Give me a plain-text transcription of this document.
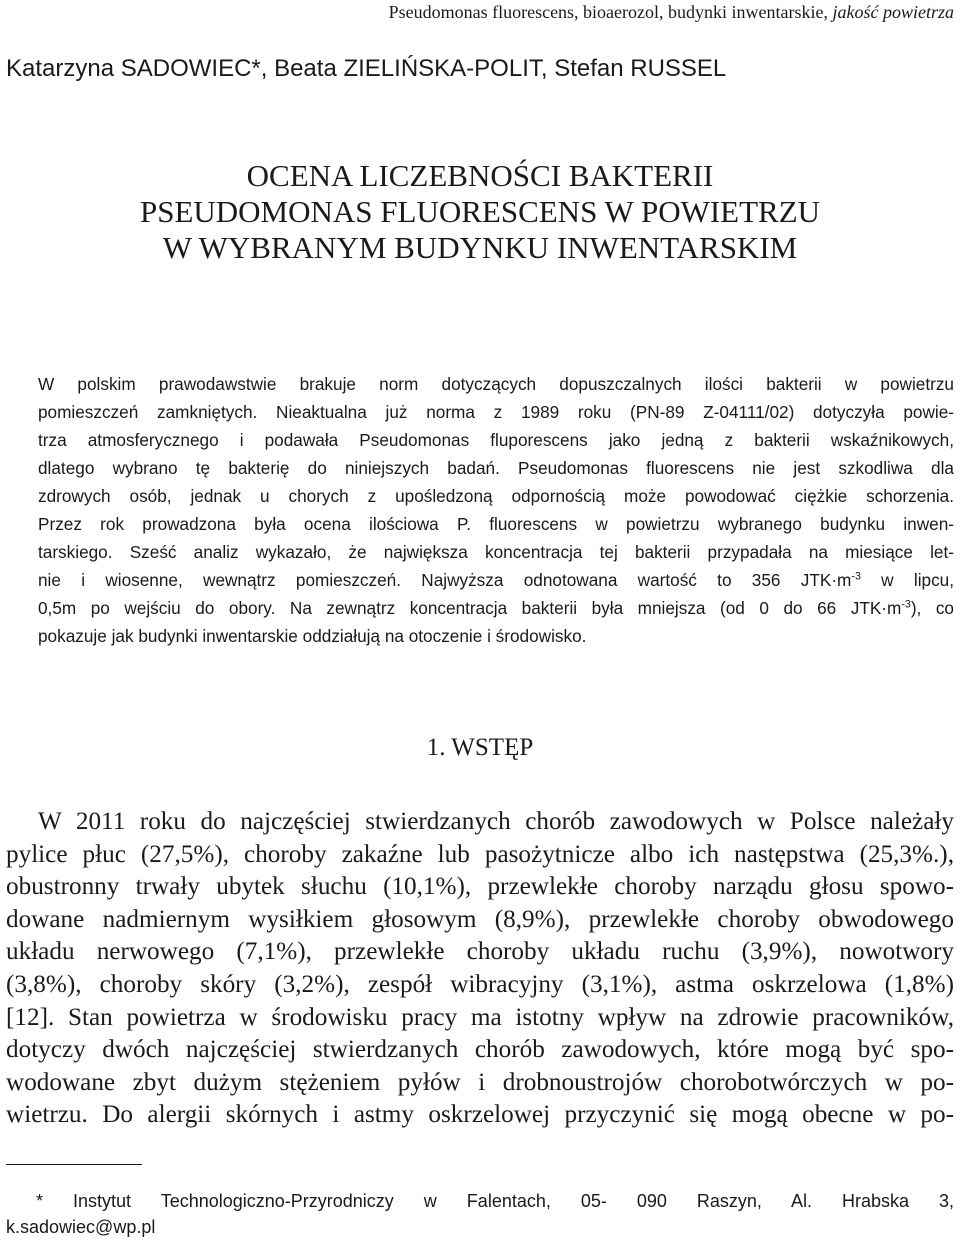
Pseudomonas fluorescens, bioaerozol, budynki inwentarskie, jakość powietrza
Katarzyna SADOWIEC*, Beata ZIELIŃSKA-POLIT, Stefan RUSSEL
OCENA LICZEBNOŚCI BAKTERII
PSEUDOMONAS FLUORESCENS W POWIETRZU
W WYBRANYM BUDYNKU INWENTARSKIM
W polskim prawodawstwie brakuje norm dotyczących dopuszczalnych ilości bakterii w powietrzu
pomieszczeń zamkniętych. Nieaktualna już norma z 1989 roku (PN-89 Z-04111/02) dotyczyła powie-
trza atmosferycznego i podawała Pseudomonas fluporescens jako jedną z bakterii wskaźnikowych,
dlatego wybrano tę bakterię do niniejszych badań. Pseudomonas fluorescens nie jest szkodliwa dla
zdrowych osób, jednak u chorych z upośledzoną odpornością może powodować ciężkie schorzenia.
Przez rok prowadzona była ocena ilościowa P. fluorescens w powietrzu wybranego budynku inwen-
tarskiego. Sześć analiz wykazało, że największa koncentracja tej bakterii przypadała na miesiące let-
nie i wiosenne, wewnątrz pomieszczeń. Najwyższa odnotowana wartość to 356 $JTK\cdot m^{-3}$ w lipcu,
0,5m po wejściu do obory. Na zewnątrz koncentracja bakterii była mniejsza (od 0 do 66 $JTK\cdot m^{-3}$), co
pokazuje jak budynki inwentarskie oddziałują na otoczenie i środowisko.
1. WSTĘP
W 2011 roku do najczęściej stwierdzanych chorób zawodowych w Polsce należały
pylice płuc (27,5%), choroby zakaźne lub pasożytnicze albo ich następstwa (25,3%.),
obustronny trwały ubytek słuchu (10,1%), przewlekłe choroby narządu głosu spowo-
dowane nadmiernym wysiłkiem głosowym (8,9%), przewlekłe choroby obwodowego
układu nerwowego (7,1%), przewlekłe choroby układu ruchu (3,9%), nowotwory
(3,8%), choroby skóry (3,2%), zespół wibracyjny (3,1%), astma oskrzelowa (1,8%)
[12]. Stan powietrza w środowisku pracy ma istotny wpływ na zdrowie pracowników,
dotyczy dwóch najczęściej stwierdzanych chorób zawodowych, które mogą być spo-
wodowane zbyt dużym stężeniem pyłów i drobnoustrojów chorobotwórczych w po-
wietrzu. Do alergii skórnych i astmy oskrzelowej przyczynić się mogą obecne w po-
* Instytut Technologiczno-Przyrodniczy w Falentach, 05- 090 Raszyn, Al. Hrabska 3,
k.sadowiec@wp.pl
